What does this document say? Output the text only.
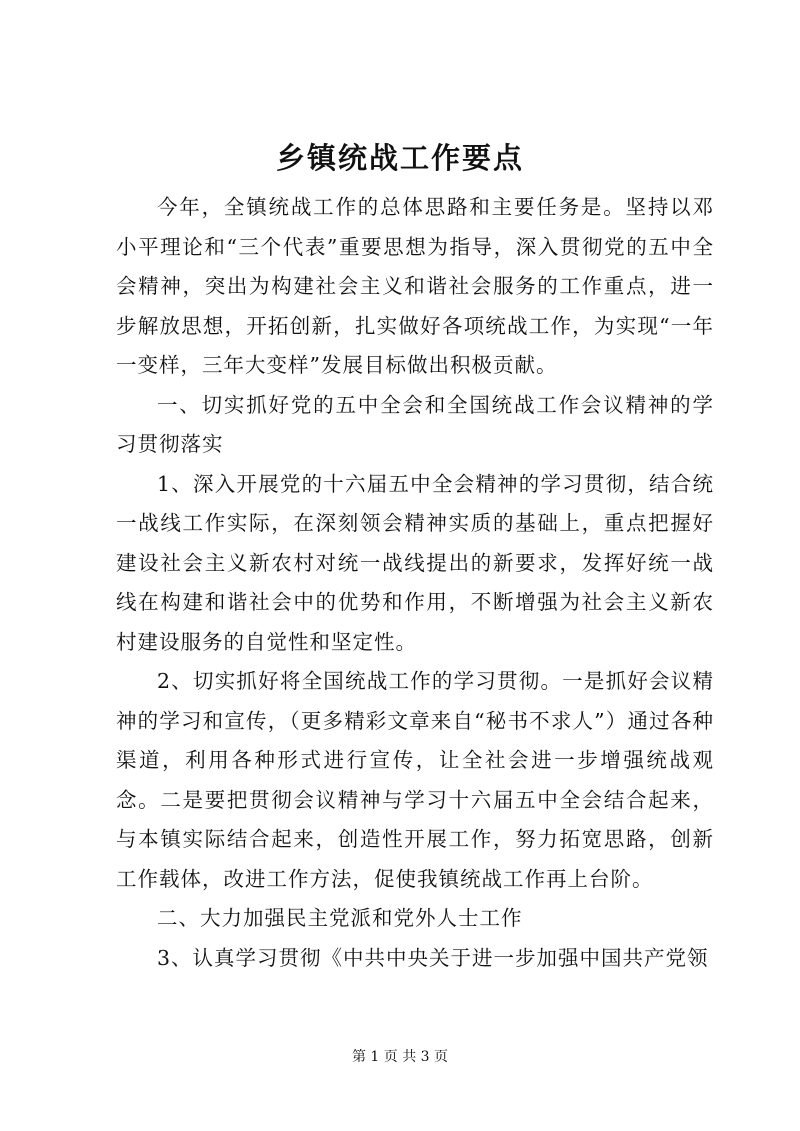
乡镇统战工作要点

今年，全镇统战工作的总体思路和主要任务是。坚持以邓小平理论和“三个代表”重要思想为指导，深入贯彻党的五中全会精神，突出为构建社会主义和谐社会服务的工作重点，进一步解放思想，开拓创新，扎实做好各项统战工作，为实现“一年一变样，三年大变样”发展目标做出积极贡献。

一、切实抓好党的五中全会和全国统战工作会议精神的学习贯彻落实

1、深入开展党的十六届五中全会精神的学习贯彻，结合统一战线工作实际，在深刻领会精神实质的基础上，重点把握好建设社会主义新农村对统一战线提出的新要求，发挥好统一战线在构建和谐社会中的优势和作用，不断增强为社会主义新农村建设服务的自觉性和坚定性。

2、切实抓好将全国统战工作的学习贯彻。一是抓好会议精神的学习和宣传，（更多精彩文章来自“秘书不求人”）通过各种渠道，利用各种形式进行宣传，让全社会进一步增强统战观念。二是要把贯彻会议精神与学习十六届五中全会结合起来，与本镇实际结合起来，创造性开展工作，努力拓宽思路，创新工作载体，改进工作方法，促使我镇统战工作再上台阶。

二、大力加强民主党派和党外人士工作

3、认真学习贯彻《中共中央关于进一步加强中国共产党领

第 1 页 共 3 页
